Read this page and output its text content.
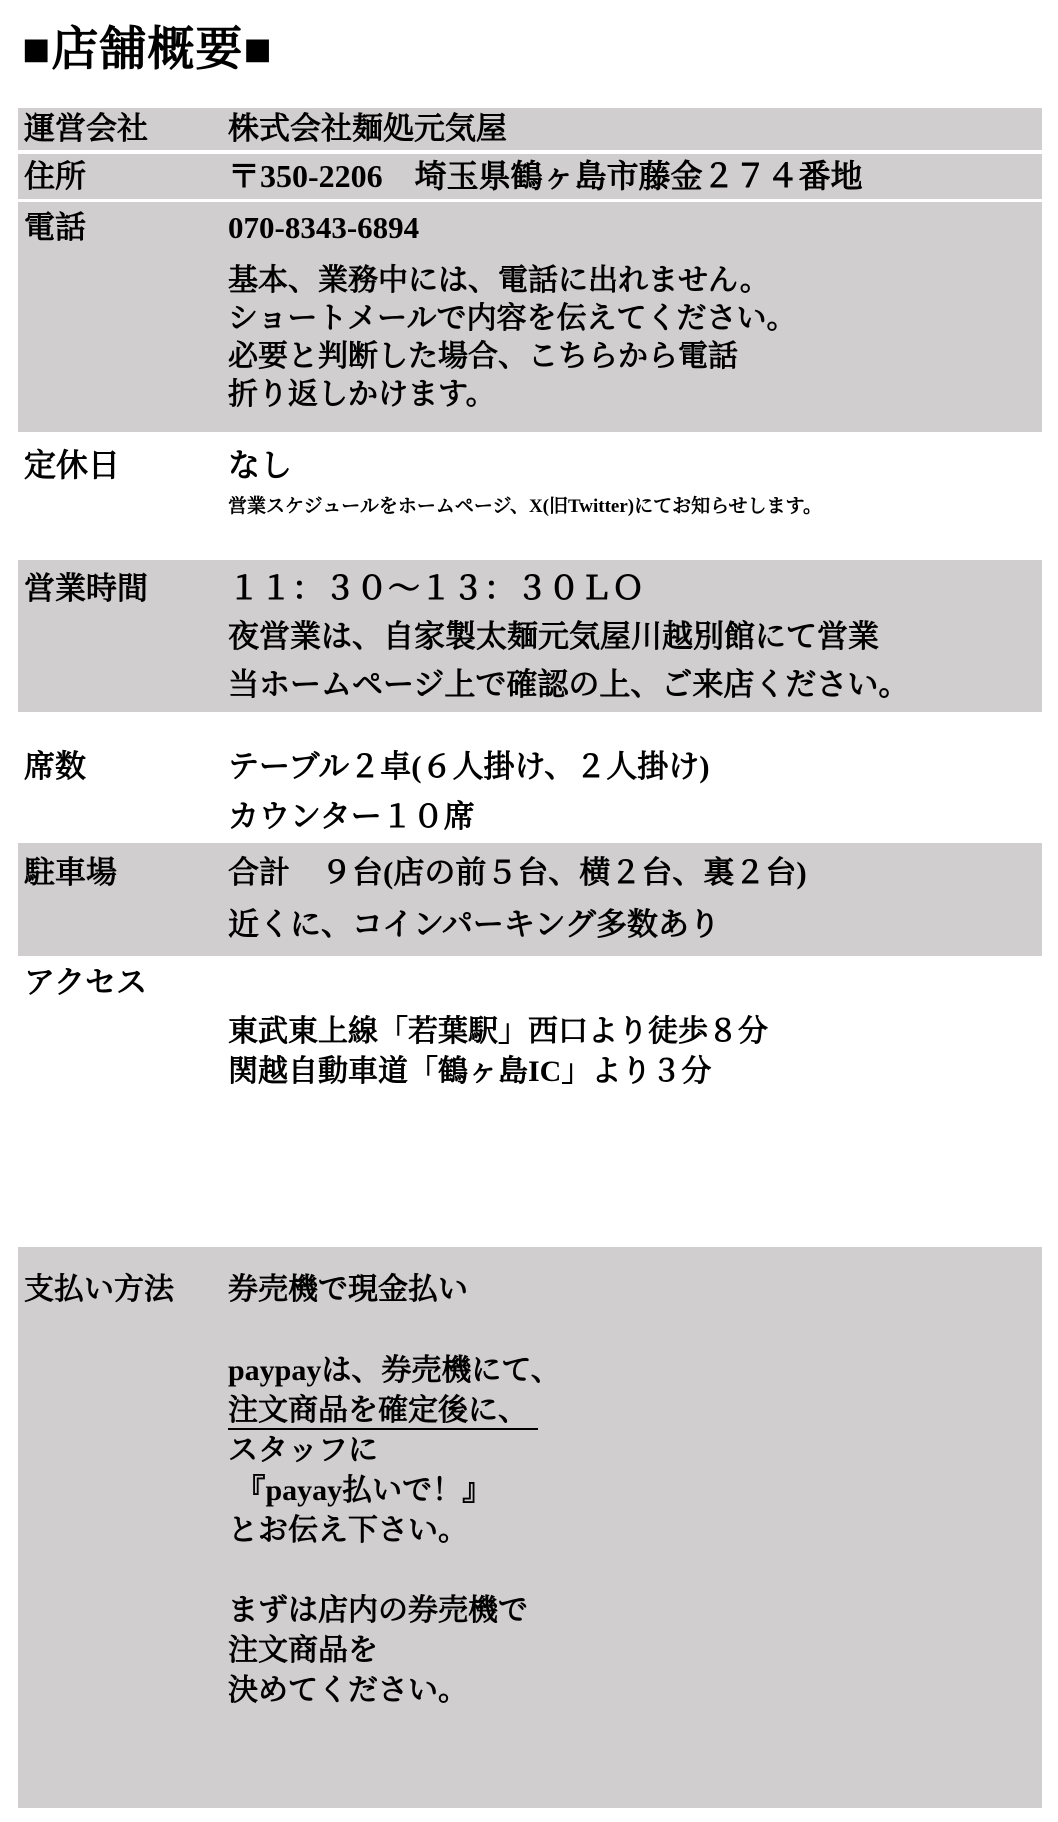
■店舗概要■
運営会社	株式会社麺処元気屋
住所	〒350-2206　埼玉県鶴ヶ島市藤金２７４番地
電話	070-8343-6894
基本、業務中には、電話に出れません。
ショートメールで内容を伝えてください。
必要と判断した場合、こちらから電話
折り返しかけます。
定休日	なし
営業スケジュールをホームページ、X(旧Twitter)にてお知らせします。
営業時間	１１：３０～１３：３０ＬＯ
夜営業は、自家製太麺元気屋川越別館にて営業
当ホームページ上で確認の上、ご来店ください。
席数	テーブル２卓(６人掛け、２人掛け)
カウンター１０席
駐車場	合計　９台(店の前５台、横２台、裏２台)
近くに、コインパーキング多数あり
アクセス
東武東上線「若葉駅」西口より徒歩８分
関越自動車道「鶴ヶ島IC」より３分
支払い方法	券売機で現金払い
paypayは、券売機にて、
注文商品を確定後に、
スタッフに
『payay払いで！』
とお伝え下さい。
まずは店内の券売機で
注文商品を
決めてください。
